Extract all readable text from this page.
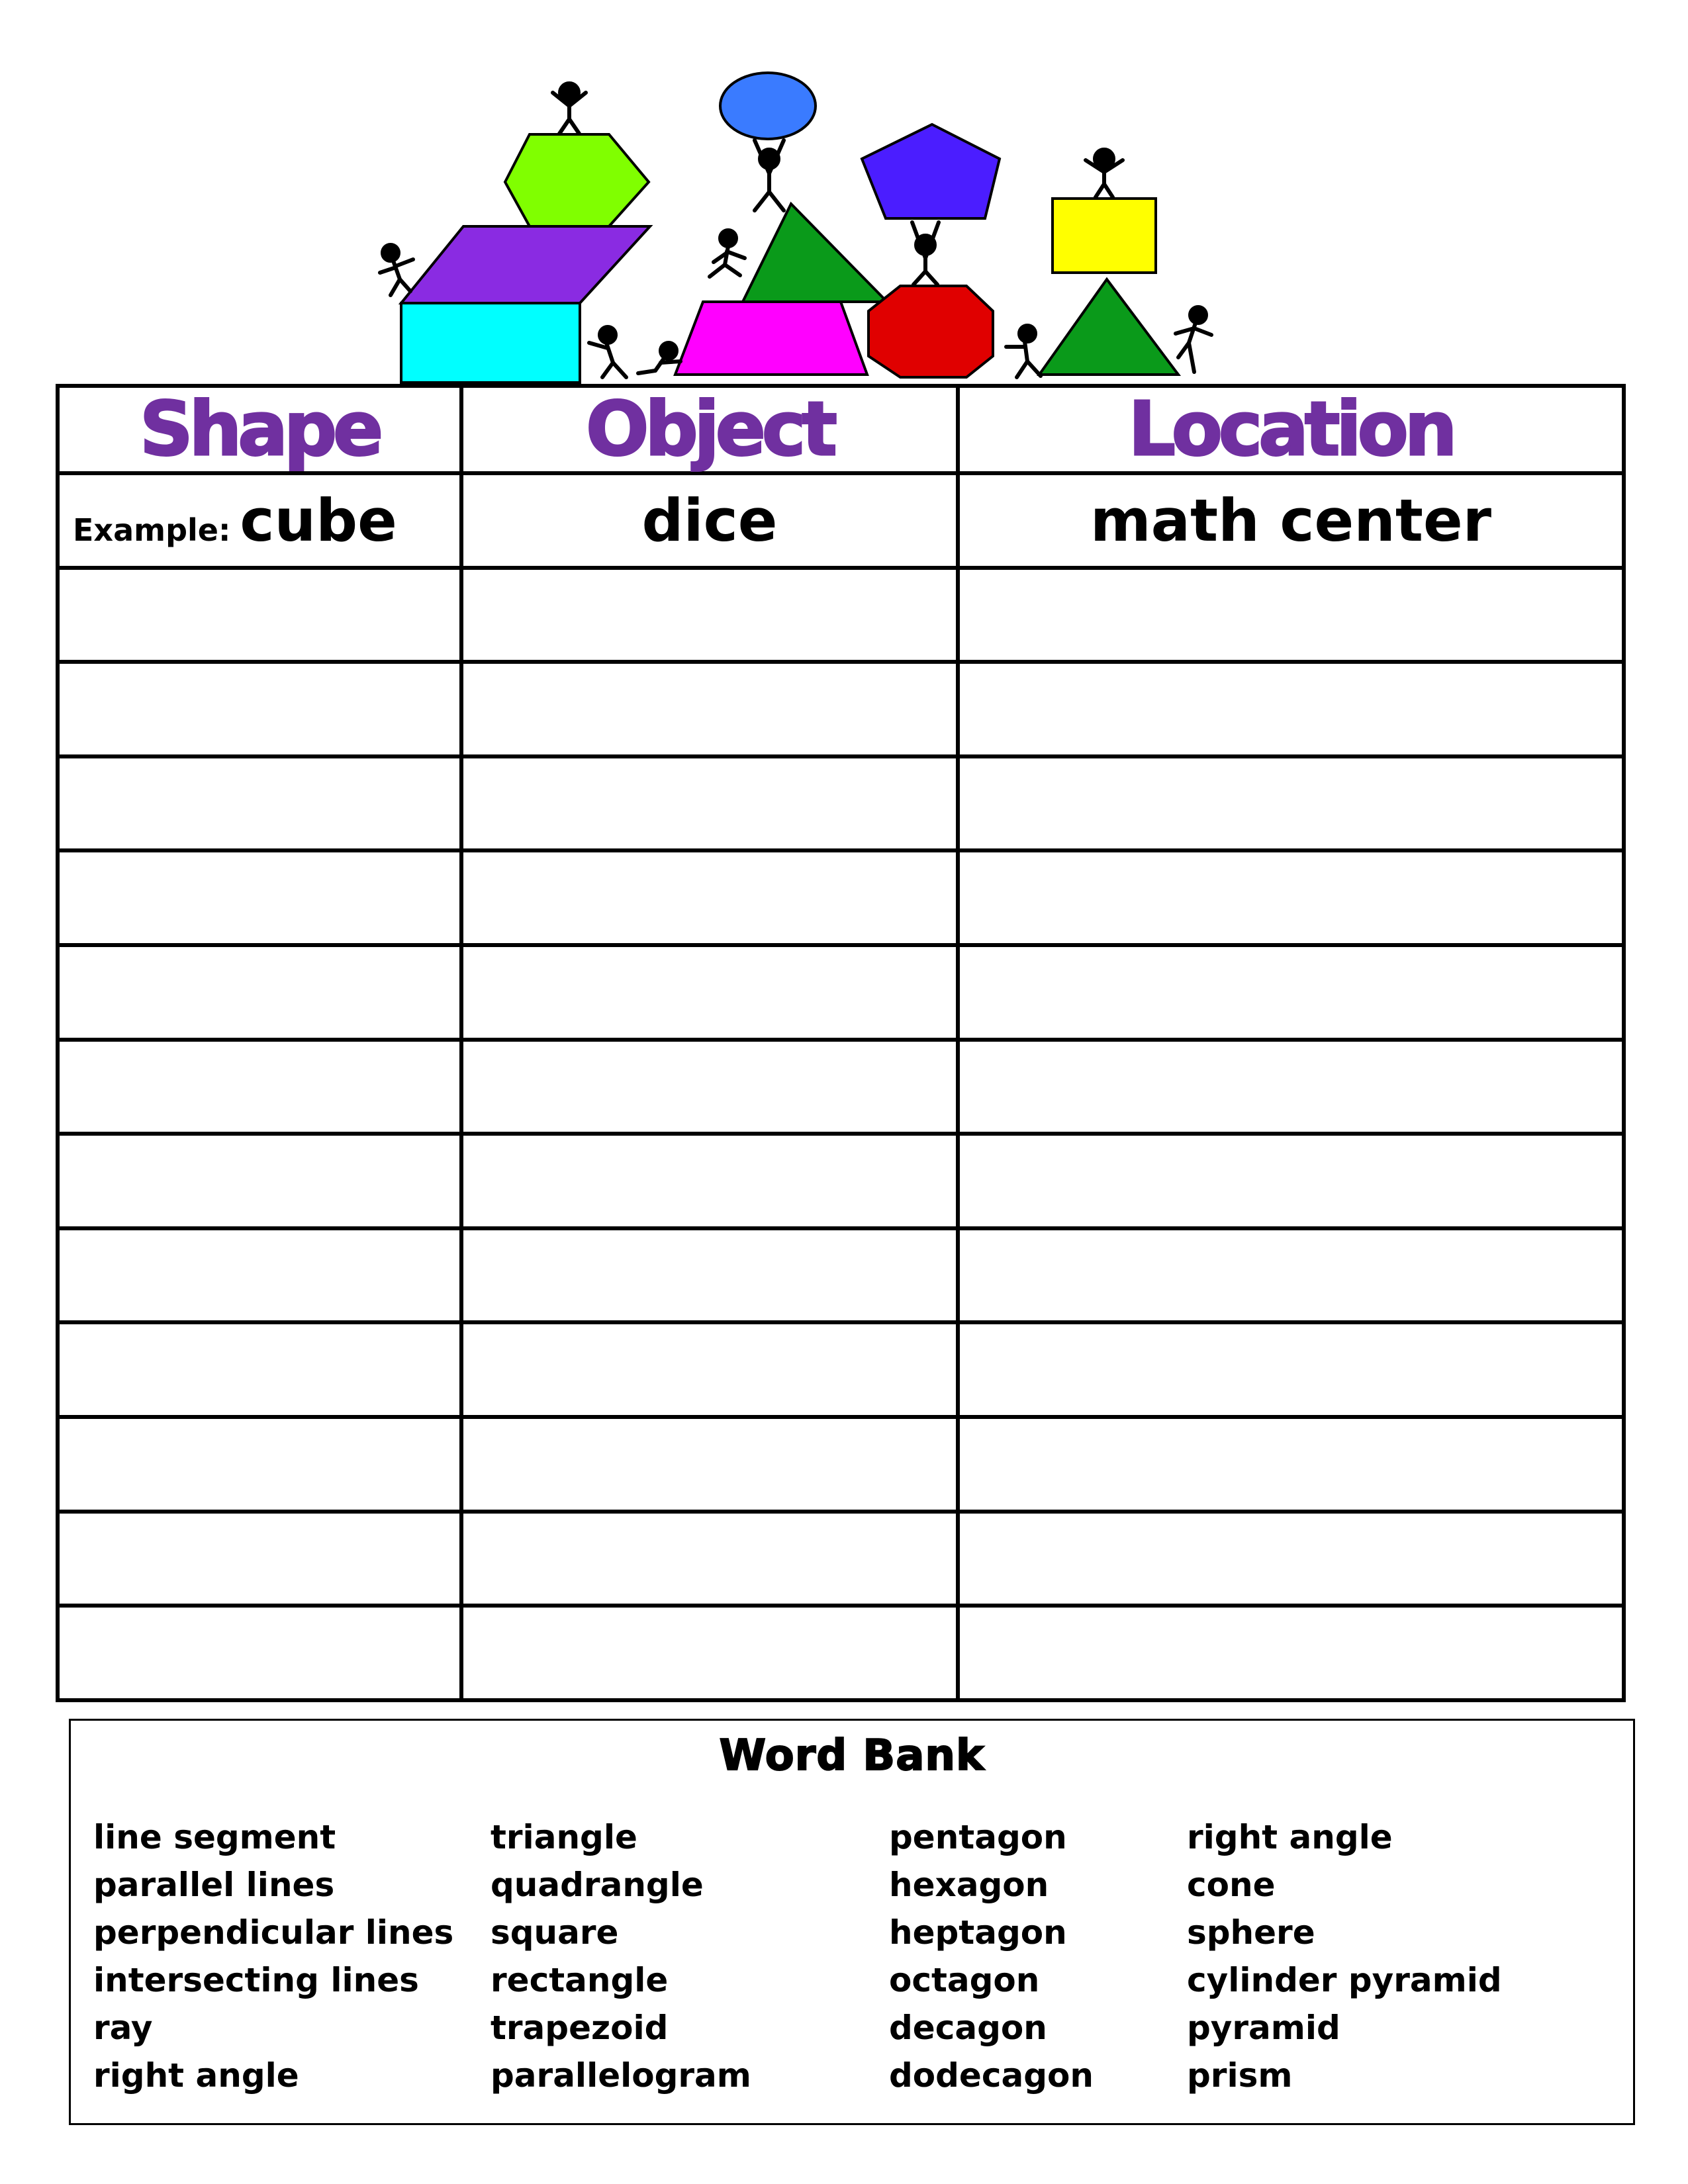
Shape	Object	Location
Example: cube	dice	math center

Word Bank
line segment
parallel lines
perpendicular lines
intersecting lines
ray
right angle
triangle
quadrangle
square
rectangle
trapezoid
parallelogram
pentagon
hexagon
heptagon
octagon
decagon
dodecagon
right angle
cone
sphere
cylinder pyramid
pyramid
prism
